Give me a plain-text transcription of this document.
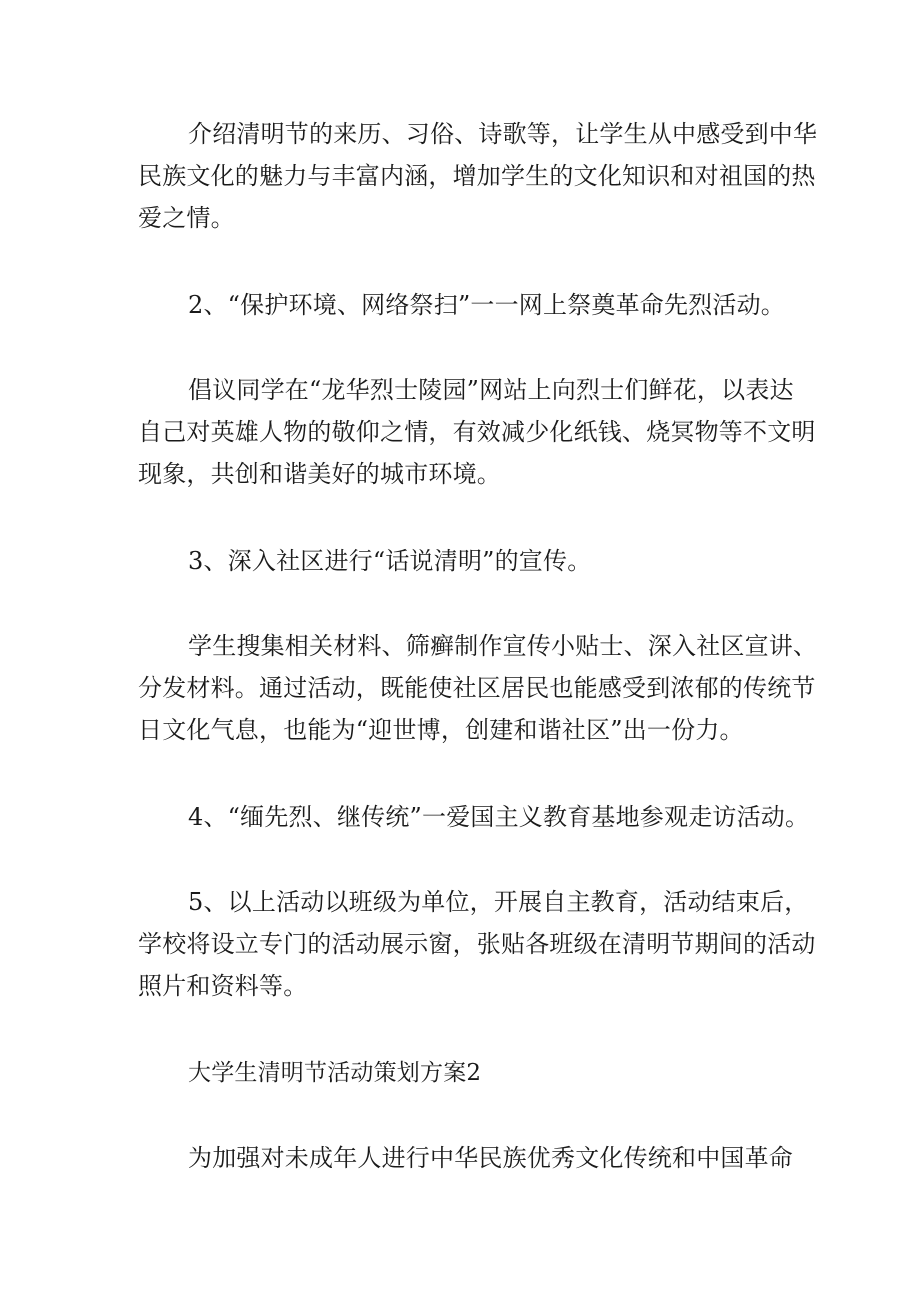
介绍清明节的来历、习俗、诗歌等，让学生从中感受到中华
民族文化的魅力与丰富内涵，增加学生的文化知识和对祖国的热
爱之情。
2、“保护环境、网络祭扫”一一网上祭奠革命先烈活动。
倡议同学在“龙华烈士陵园”网站上向烈士们鲜花，以表达
自己对英雄人物的敬仰之情，有效减少化纸钱、烧冥物等不文明
现象，共创和谐美好的城市环境。
3、深入社区进行“话说清明”的宣传。
学生搜集相关材料、筛癣制作宣传小贴士、深入社区宣讲、
分发材料。通过活动，既能使社区居民也能感受到浓郁的传统节
日文化气息，也能为“迎世博，创建和谐社区”出一份力。
4、“缅先烈、继传统”一爱国主义教育基地参观走访活动。
5、以上活动以班级为单位，开展自主教育，活动结束后，
学校将设立专门的活动展示窗，张贴各班级在清明节期间的活动
照片和资料等。
大学生清明节活动策划方案2
为加强对未成年人进行中华民族优秀文化传统和中国革命
